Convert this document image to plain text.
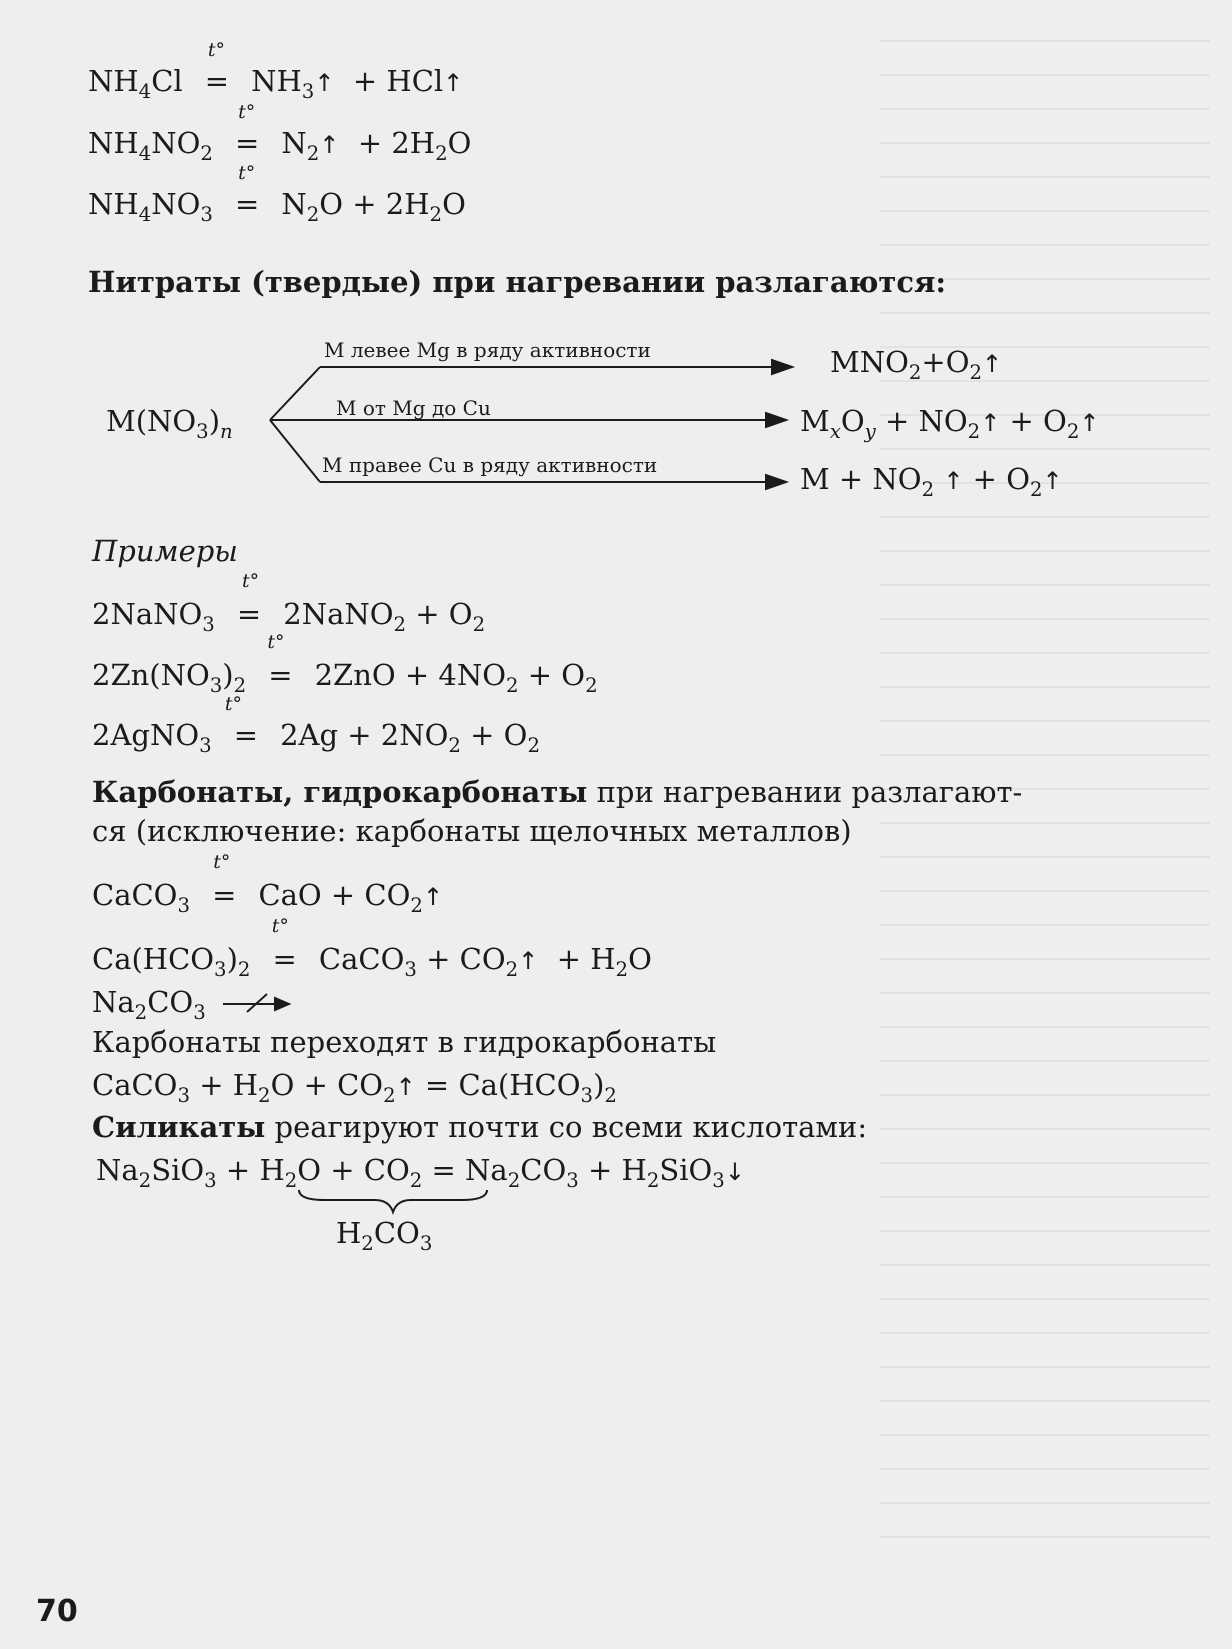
$NH_4Cl$
t°
= $NH_3↑$  + HCl↑
$NH_4NO_2$
t°
= $N_2↑ + 2H_2O$
$NH_4NO_3$
t°
= $N_2O + 2H_2O$
Нитраты (твердые) при нагревании разлагаются:
$M(NO_3)_n$
M левее Mg в ряду активности	$MNO_2+O_2↑$
M от Mg до Cu	$M_xO_y$ + $NO_2↑$ + $O_2↑$
M правее Cu в ряду активности	$M + NO_2$ ↑ + $O_2↑$
Примеры
2NaNO$_3$
t°
= 2NaNO$_2$ + $O_2$
$2Zn(NO_3)_2$
t°
= $2ZnO + 4NO_2 + O_2$
2AgNO$_3$
t°
= $2Ag + 2NO_2 + O_2$
Карбонаты, гидрокарбонаты при нагревании разлагают-
ся (исключение: карбонаты щелочных металлов)
CaCO$_3$
t°
= CaO + $CO_2↑$
$Ca(HCO_3)_2$
t°
= CaCO$_3$ + $CO_2↑ + H_2O$
$Na_2CO_3$
Карбонаты переходят в гидрокарбонаты
CaCO$_3$ + $H_2O$ + $CO_2↑ = Ca(HCO_3)_2$
Силикаты реагируют почти со всеми кислотами:
$Na_2SiO_3 + H_2O + CO_2 = Na_2CO_3$ + $H_2SiO_3↓$
$H_2CO_3$
70
